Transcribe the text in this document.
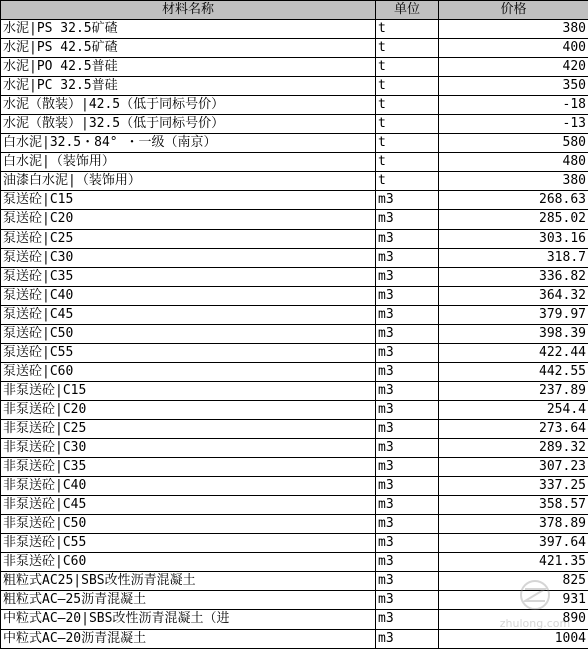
材料名称	单位	价格
水泥|PS 32.5矿碴	t	380
水泥|PS 42.5矿碴	t	400
水泥|PO 42.5普硅	t	420
水泥|PC 32.5普硅	t	350
水泥（散装）|42.5（低于同标号价）	t	-18
水泥（散装）|32.5（低于同标号价）	t	-13
白水泥|32.5・84° ・一级（南京）	t	580
白水泥|（装饰用）	t	480
油漆白水泥|（装饰用）	t	380
泵送砼|C15	m3	268.63
泵送砼|C20	m3	285.02
泵送砼|C25	m3	303.16
泵送砼|C30	m3	318.7
泵送砼|C35	m3	336.82
泵送砼|C40	m3	364.32
泵送砼|C45	m3	379.97
泵送砼|C50	m3	398.39
泵送砼|C55	m3	422.44
泵送砼|C60	m3	442.55
非泵送砼|C15	m3	237.89
非泵送砼|C20	m3	254.4
非泵送砼|C25	m3	273.64
非泵送砼|C30	m3	289.32
非泵送砼|C35	m3	307.23
非泵送砼|C40	m3	337.25
非泵送砼|C45	m3	358.57
非泵送砼|C50	m3	378.89
非泵送砼|C55	m3	397.64
非泵送砼|C60	m3	421.35
粗粒式AC25|SBS改性沥青混凝土	m3	825
粗粒式AC—25沥青混凝土	m3	931
中粒式AC—20|SBS改性沥青混凝土（进	m3	890
中粒式AC—20沥青混凝土	m3	1004
zhulong.com
